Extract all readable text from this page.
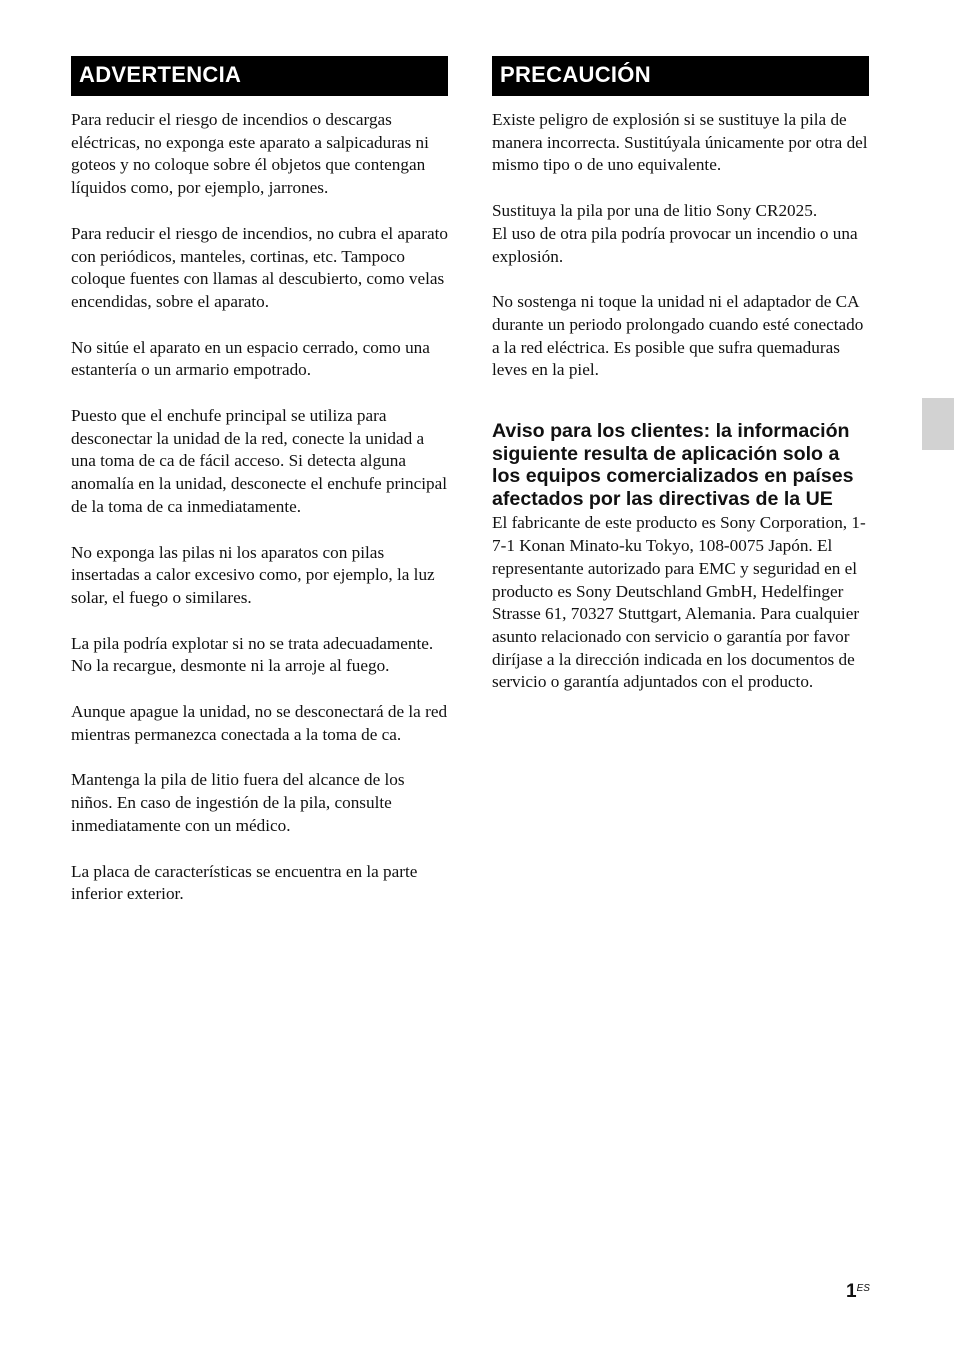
ADVERTENCIA

Para reducir el riesgo de incendios o descargas eléctricas, no exponga este aparato a salpicaduras ni goteos y no coloque sobre él objetos que contengan líquidos como, por ejemplo, jarrones.

Para reducir el riesgo de incendios, no cubra el aparato con periódicos, manteles, cortinas, etc. Tampoco coloque fuentes con llamas al descubierto, como velas encendidas, sobre el aparato.

No sitúe el aparato en un espacio cerrado, como una estantería o un armario empotrado.

Puesto que el enchufe principal se utiliza para desconectar la unidad de la red, conecte la unidad a una toma de ca de fácil acceso. Si detecta alguna anomalía en la unidad, desconecte el enchufe principal de la toma de ca inmediatamente.

No exponga las pilas ni los aparatos con pilas insertadas a calor excesivo como, por ejemplo, la luz solar, el fuego o similares.

La pila podría explotar si no se trata adecuadamente. No la recargue, desmonte ni la arroje al fuego.

Aunque apague la unidad, no se desconectará de la red mientras permanezca conectada a la toma de ca.

Mantenga la pila de litio fuera del alcance de los niños. En caso de ingestión de la pila, consulte inmediatamente con un médico.

La placa de características se encuentra en la parte inferior exterior.

PRECAUCIÓN

Existe peligro de explosión si se sustituye la pila de manera incorrecta. Sustitúyala únicamente por otra del mismo tipo o de uno equivalente.

Sustituya la pila por una de litio Sony CR2025.

El uso de otra pila podría provocar un incendio o una explosión.

No sostenga ni toque la unidad ni el adaptador de CA durante un periodo prolongado cuando esté conectado a la red eléctrica. Es posible que sufra quemaduras leves en la piel.

Aviso para los clientes: la información siguiente resulta de aplicación solo a los equipos comercializados en países afectados por las directivas de la UE

El fabricante de este producto es Sony Corporation, 1-7-1 Konan Minato-ku Tokyo, 108-0075 Japón. El representante autorizado para EMC y seguridad en el producto es Sony Deutschland GmbH, Hedelfinger Strasse 61, 70327 Stuttgart, Alemania. Para cualquier asunto relacionado con servicio o garantía por favor diríjase a la dirección indicada en los documentos de servicio o garantía adjuntados con el producto.

$1^{ES}$
